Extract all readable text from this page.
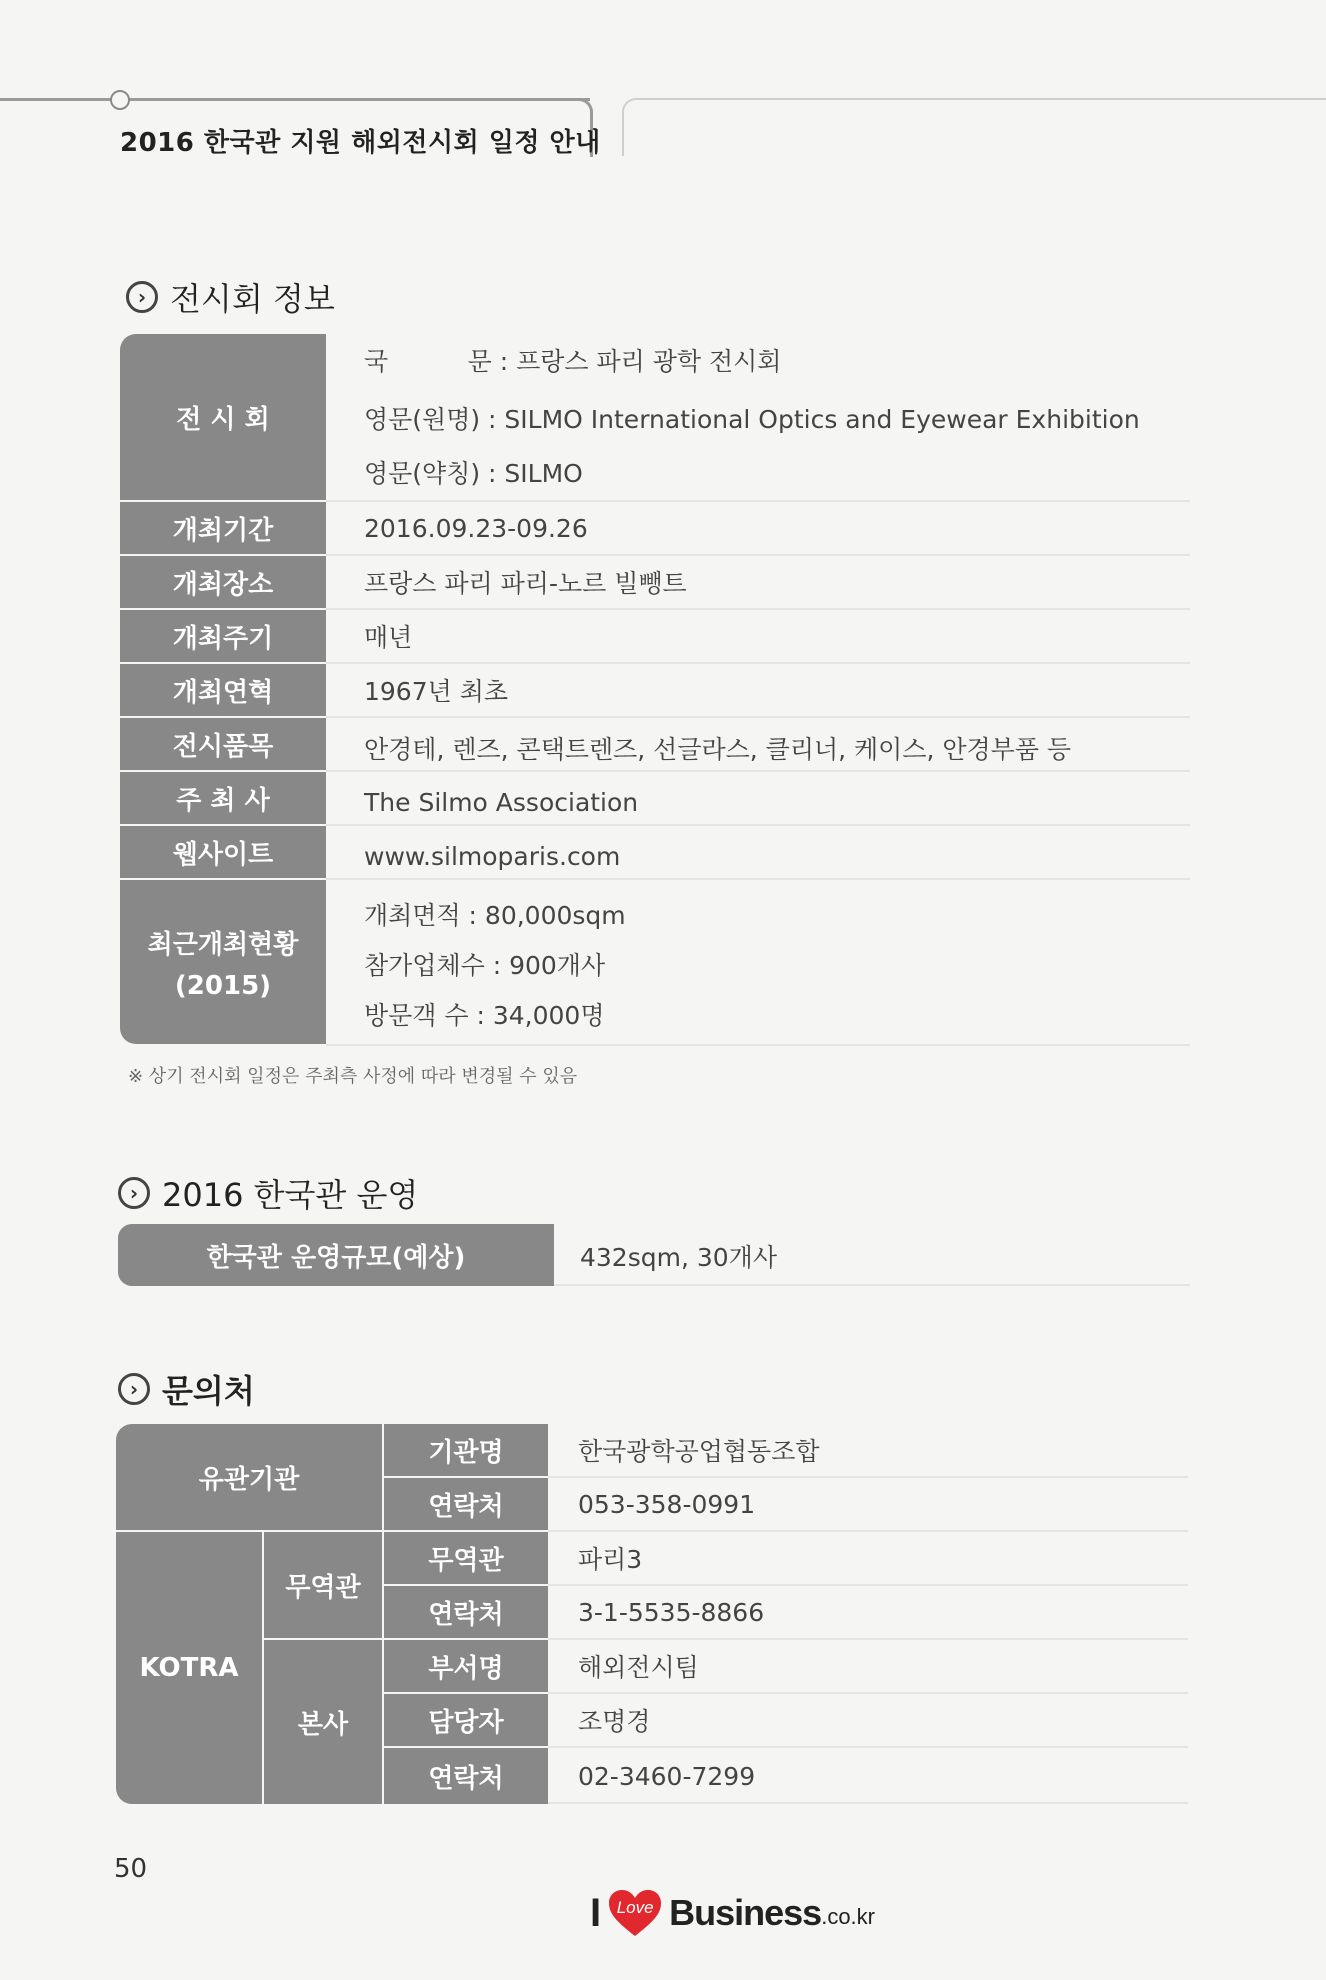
2016 한국관 지원 해외전시회 일정 안내
› 전시회 정보
전 시 회
개최기간
개최장소
개최주기
개최연혁
전시품목
주 최 사
웹사이트
최근개최현황
(2015)
국          문 : 프랑스 파리 광학 전시회
영문(원명) : SILMO International Optics and Eyewear Exhibition
영문(약칭) : SILMO
2016.09.23-09.26
프랑스 파리 파리-노르 빌뺑트
매년
1967년 최초
안경테, 렌즈, 콘택트렌즈, 선글라스, 클리너, 케이스, 안경부품 등
The Silmo Association
www.silmoparis.com
개최면적 : 80,000sqm
참가업체수 : 900개사
방문객 수 : 34,000명
※ 상기 전시회 일정은 주최측 사정에 따라 변경될 수 있음
› 2016 한국관 운영
한국관 운영규모(예상)	432sqm, 30개사
› 문의처
유관기관
KOTRA
무역관
본사
기관명
연락처
무역관
연락처
부서명
담당자
연락처
한국광학공업협동조합
053-358-0991
파리3
3-1-5535-8866
해외전시팀
조명경
02-3460-7299
50
I Love Business .co.kr
